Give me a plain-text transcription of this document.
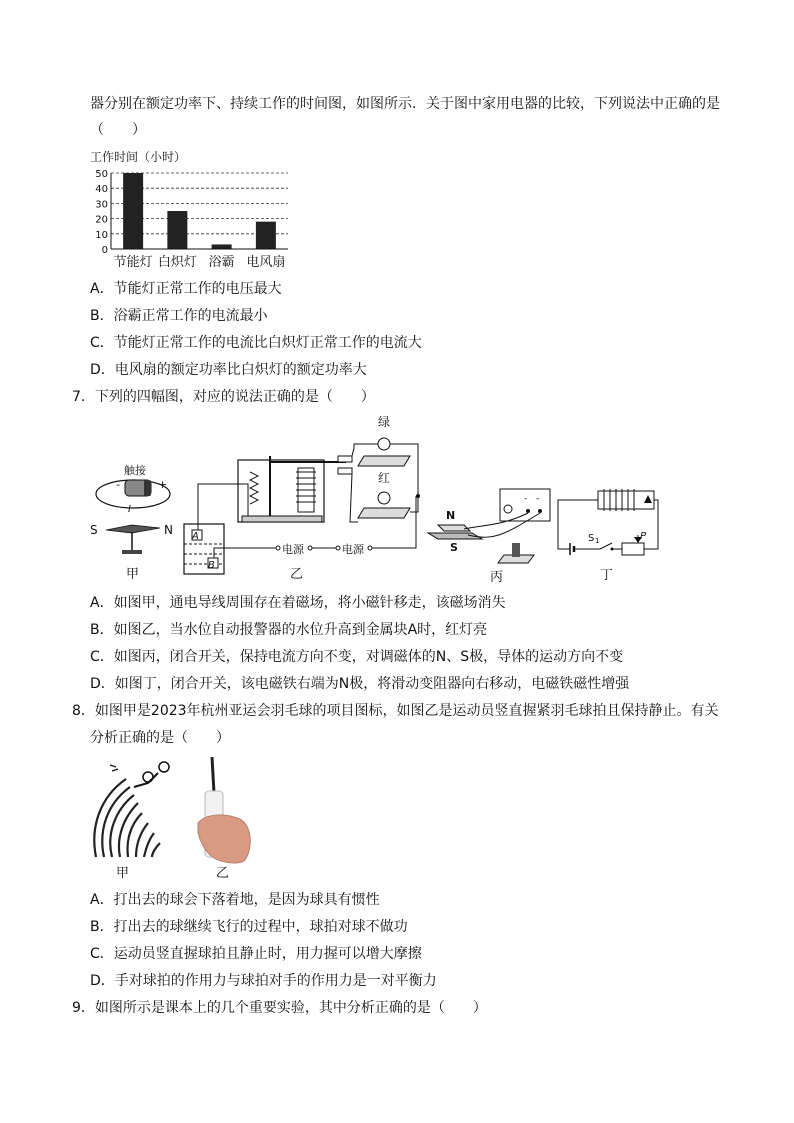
器分别在额定功率下、持续工作的时间图，如图所示．关于图中家用电器的比较，下列说法中正确的是
（　　）
工作时间（小时）
0
10
20
30
40
50
节能灯 白炽灯 浴霸 电风扇
A．节能灯正常工作的电压最大
B．浴霸正常工作的电流最小
C．节能灯正常工作的电流比白炽灯正常工作的电流大
D．电风扇的额定功率比白炽灯的额定功率大
7．下列的四幅图，对应的说法正确的是（　　）
触接
-	+
I
S	N
甲
A
B
电源	电源
绿
红
乙
- -
N
S
丙
S 1	P
丁
A．如图甲，通电导线周围存在着磁场，将小磁针移走，该磁场消失
B．如图乙，当水位自动报警器的水位升高到金属块A时，红灯亮
C．如图丙，闭合开关，保持电流方向不变，对调磁体的N、S极，导体的运动方向不变
D．如图丁，闭合开关，该电磁铁右端为N极，将滑动变阻器向右移动，电磁铁磁性增强
8．如图甲是2023年杭州亚运会羽毛球的项目图标，如图乙是运动员竖直握紧羽毛球拍且保持静止。有关
分析正确的是（　　）
甲	乙
A．打出去的球会下落着地，是因为球具有惯性
B．打出去的球继续飞行的过程中，球拍对球不做功
C．运动员竖直握球拍且静止时，用力握可以增大摩擦
D．手对球拍的作用力与球拍对手的作用力是一对平衡力
9．如图所示是课本上的几个重要实验，其中分析正确的是（　　）
